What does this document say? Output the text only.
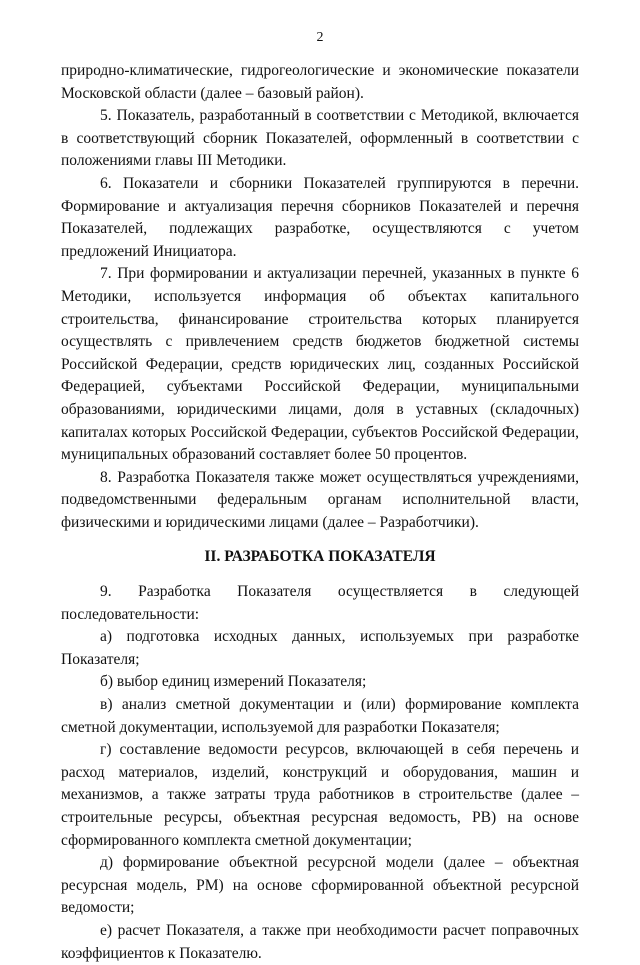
2

природно-климатические, гидрогеологические и экономические показатели Московской области (далее – базовый район).

5. Показатель, разработанный в соответствии с Методикой, включается в соответствующий сборник Показателей, оформленный в соответствии с положениями главы III Методики.

6. Показатели и сборники Показателей группируются в перечни. Формирование и актуализация перечня сборников Показателей и перечня Показателей, подлежащих разработке, осуществляются с учетом предложений Инициатора.

7. При формировании и актуализации перечней, указанных в пункте 6 Методики, используется информация об объектах капитального строительства, финансирование строительства которых планируется осуществлять с привлечением средств бюджетов бюджетной системы Российской Федерации, средств юридических лиц, созданных Российской Федерацией, субъектами Российской Федерации, муниципальными образованиями, юридическими лицами, доля в уставных (складочных) капиталах которых Российской Федерации, субъектов Российской Федерации, муниципальных образований составляет более 50 процентов.

8. Разработка Показателя также может осуществляться учреждениями, подведомственными федеральным органам исполнительной власти, физическими и юридическими лицами (далее – Разработчики).

II. РАЗРАБОТКА ПОКАЗАТЕЛЯ

9. Разработка Показателя осуществляется в следующей последовательности:

а) подготовка исходных данных, используемых при разработке Показателя;

б) выбор единиц измерений Показателя;

в) анализ сметной документации и (или) формирование комплекта сметной документации, используемой для разработки Показателя;

г) составление ведомости ресурсов, включающей в себя перечень и расход материалов, изделий, конструкций и оборудования, машин и механизмов, а также затраты труда работников в строительстве (далее – строительные ресурсы, объектная ресурсная ведомость, РВ) на основе сформированного комплекта сметной документации;

д) формирование объектной ресурсной модели (далее – объектная ресурсная модель, РМ) на основе сформированной объектной ресурсной ведомости;

е) расчет Показателя, а также при необходимости расчет поправочных коэффициентов к Показателю.
